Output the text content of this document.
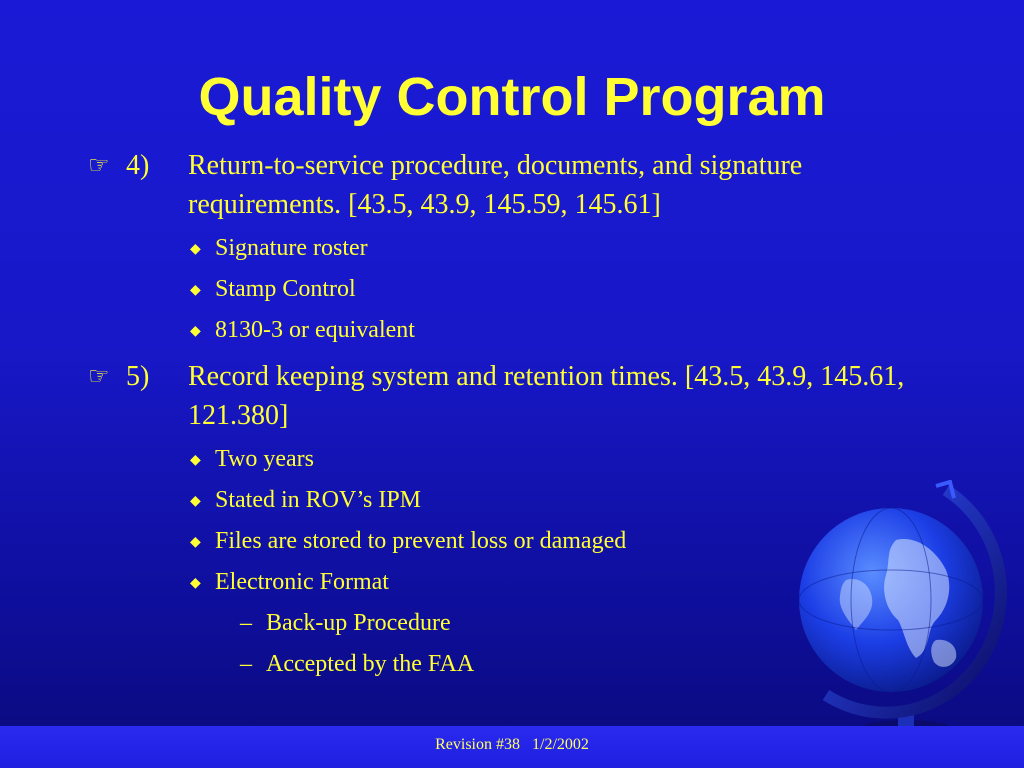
Quality Control Program
☞ 4) Return-to-service procedure, documents, and signature requirements. [43.5, 43.9, 145.59, 145.61]
◆ Signature roster
◆ Stamp Control
◆ 8130-3 or equivalent
☞ 5) Record keeping system and retention times. [43.5, 43.9, 145.61, 121.380]
◆ Two years
◆ Stated in ROV’s IPM
◆ Files are stored to prevent loss or damaged
◆ Electronic Format
– Back-up Procedure
– Accepted by the FAA
Revision #38 1/2/2002
